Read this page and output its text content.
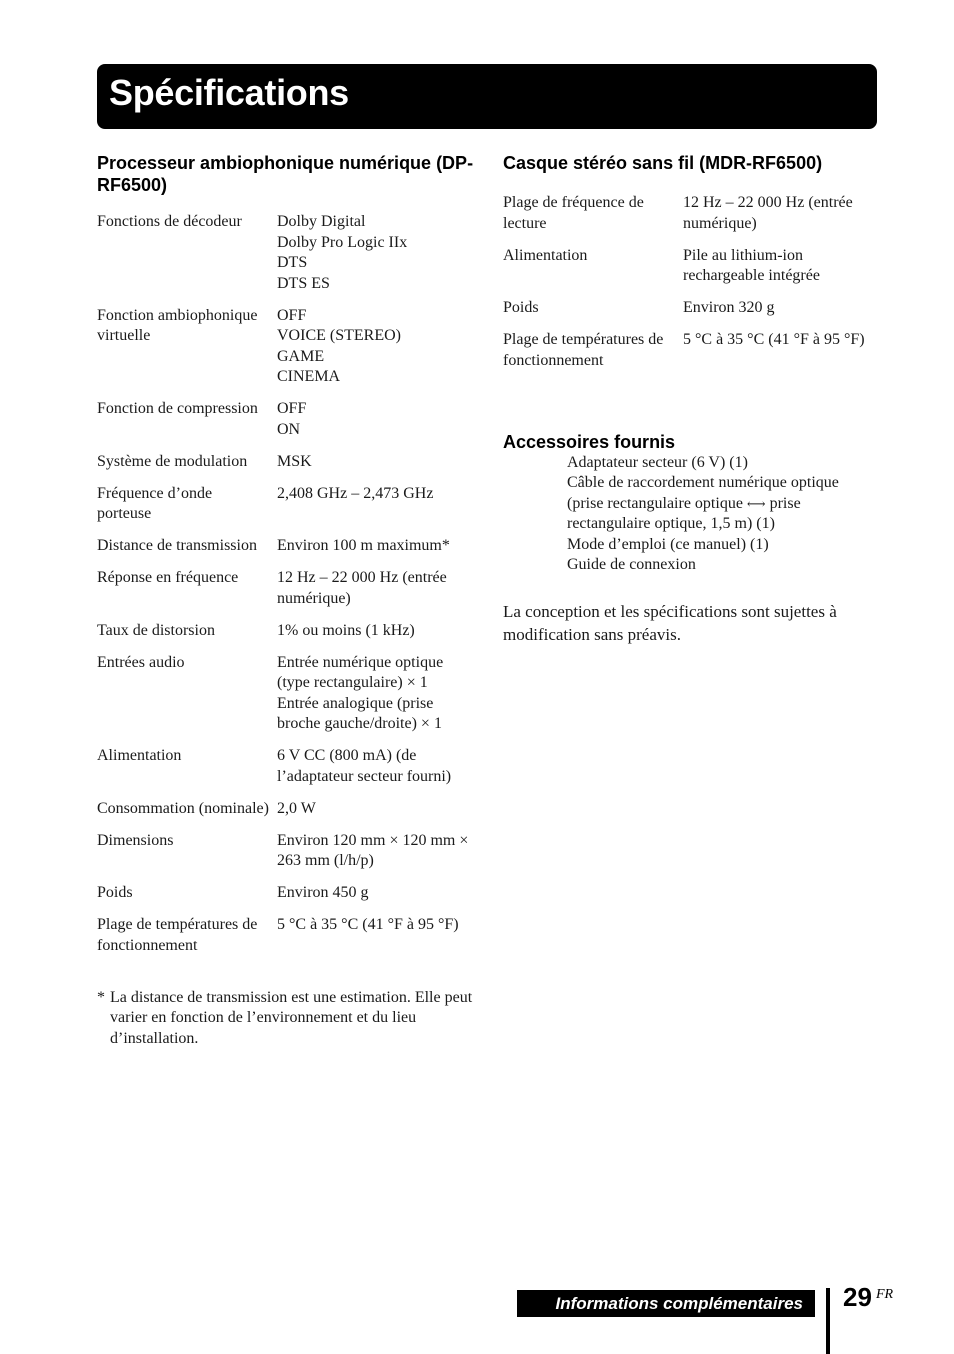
Spécifications
Processeur ambiophonique numérique (DP-RF6500)
Fonctions de décodeur	Dolby Digital
Dolby Pro Logic IIx
DTS
DTS ES

Fonction ambiophonique virtuelle	OFF
VOICE (STEREO)
GAME
CINEMA

Fonction de compression	OFF
ON

Système de modulation	MSK

Fréquence d’onde porteuse	2,408 GHz – 2,473 GHz

Distance de transmission	Environ 100 m maximum*

Réponse en fréquence	12 Hz – 22 000 Hz (entrée numérique)

Taux de distorsion	1% ou moins (1 kHz)

Entrées audio	Entrée numérique optique (type rectangulaire) × 1
Entrée analogique (prise broche gauche/droite) × 1

Alimentation	6 V CC (800 mA) (de l’adaptateur secteur fourni)

Consommation (nominale)	2,0 W

Dimensions	Environ 120 mm × 120 mm × 263 mm (l/h/p)

Poids	Environ 450 g

Plage de températures de fonctionnement	5 °C à 35 °C (41 °F à 95 °F)
* La distance de transmission est une estimation. Elle peut varier en fonction de l’environnement et du lieu d’installation.
Casque stéréo sans fil (MDR-RF6500)
Plage de fréquence de lecture	12 Hz – 22 000 Hz (entrée numérique)

Alimentation	Pile au lithium-ion rechargeable intégrée

Poids	Environ 320 g

Plage de températures de fonctionnement	5 °C à 35 °C (41 °F à 95 °F)
Accessoires fournis
Adaptateur secteur (6 V) (1)
Câble de raccordement numérique optique (prise rectangulaire optique ⟷ prise rectangulaire optique, 1,5 m) (1)
Mode d’emploi (ce manuel) (1)
Guide de connexion

La conception et les spécifications sont sujettes à modification sans préavis.

Informations complémentaires	29 FR
